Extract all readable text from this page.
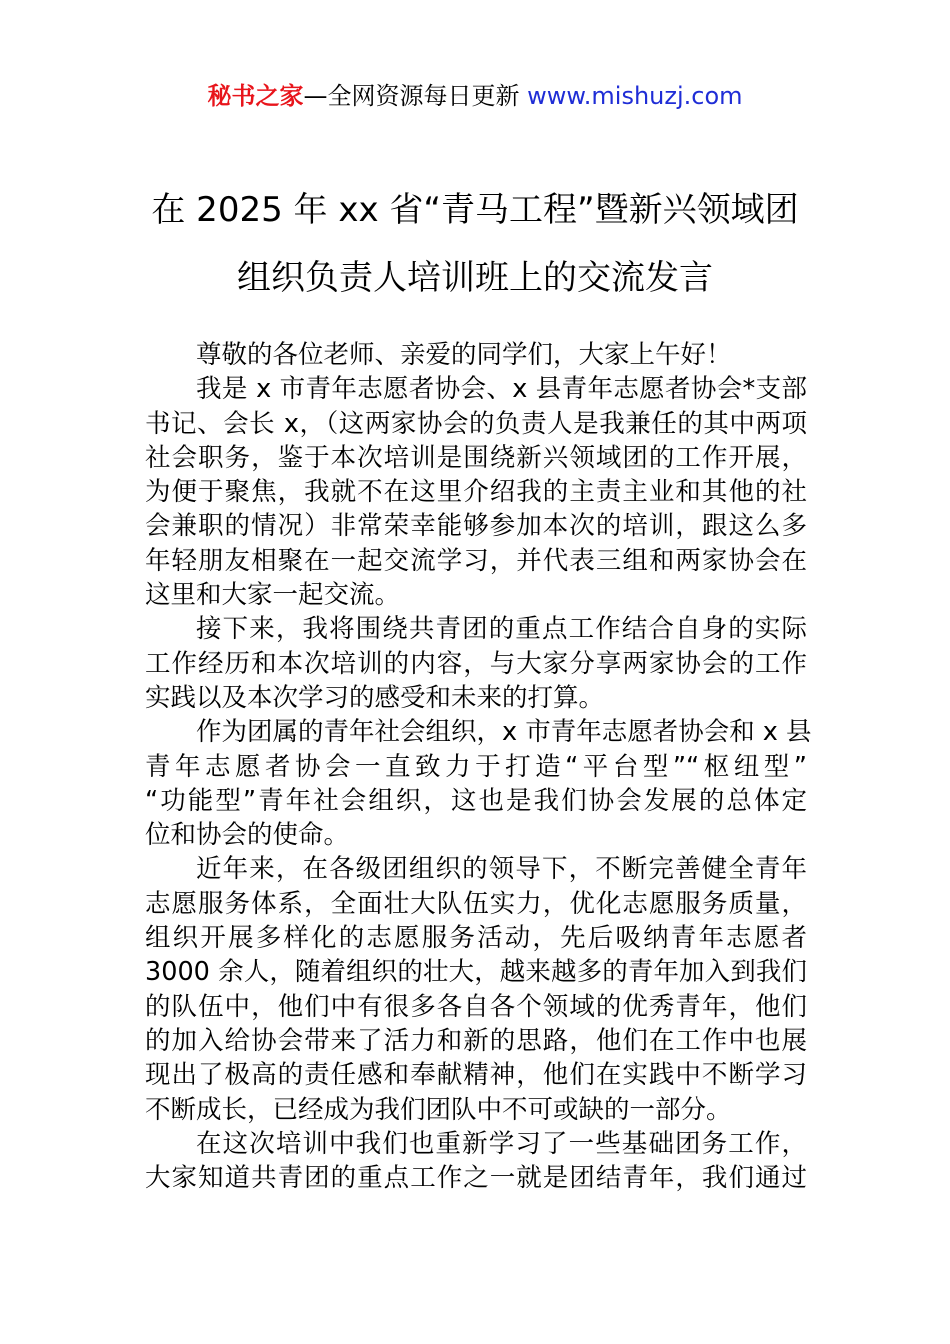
秘书之家—全网资源每日更新 www.mishuzj.com
在 2025 年 xx 省“青马工程”暨新兴领域团
组织负责人培训班上的交流发言
尊敬的各位老师、亲爱的同学们，大家上午好！
我是 x 市青年志愿者协会、x 县青年志愿者协会*支部
书记、会长 x，（这两家协会的负责人是我兼任的其中两项
社会职务，鉴于本次培训是围绕新兴领域团的工作开展，
为便于聚焦，我就不在这里介绍我的主责主业和其他的社
会兼职的情况）非常荣幸能够参加本次的培训，跟这么多
年轻朋友相聚在一起交流学习，并代表三组和两家协会在
这里和大家一起交流。
接下来，我将围绕共青团的重点工作结合自身的实际
工作经历和本次培训的内容，与大家分享两家协会的工作
实践以及本次学习的感受和未来的打算。
作为团属的青年社会组织，x 市青年志愿者协会和 x 县
青年志愿者协会一直致力于打造“平台型”“枢纽型”
“功能型”青年社会组织，这也是我们协会发展的总体定
位和协会的使命。
近年来，在各级团组织的领导下，不断完善健全青年
志愿服务体系，全面壮大队伍实力，优化志愿服务质量，
组织开展多样化的志愿服务活动，先后吸纳青年志愿者
3000 余人，随着组织的壮大，越来越多的青年加入到我们
的队伍中，他们中有很多各自各个领域的优秀青年，他们
的加入给协会带来了活力和新的思路，他们在工作中也展
现出了极高的责任感和奉献精神，他们在实践中不断学习
不断成长，已经成为我们团队中不可或缺的一部分。
在这次培训中我们也重新学习了一些基础团务工作，
大家知道共青团的重点工作之一就是团结青年，我们通过
